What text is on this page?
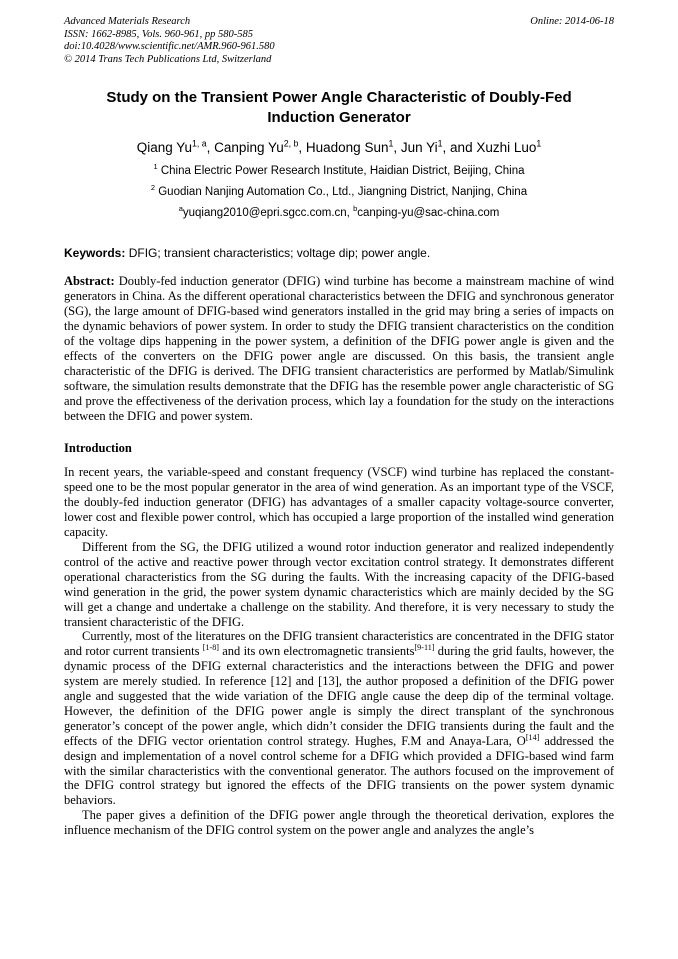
Advanced Materials Research
ISSN: 1662-8985, Vols. 960-961, pp 580-585
doi:10.4028/www.scientific.net/AMR.960-961.580
© 2014 Trans Tech Publications Ltd, Switzerland
Online: 2014-06-18
Study on the Transient Power Angle Characteristic of Doubly-Fed Induction Generator
Qiang Yu$^{1, a}$, Canping Yu$^{2, b}$, Huadong Sun$^1$, Jun Yi$^1$, and Xuzhi Luo$^1$
$^1$ China Electric Power Research Institute, Haidian District, Beijing, China
$^2$ Guodian Nanjing Automation Co., Ltd., Jiangning District, Nanjing, China
$^a$yuqiang2010@epri.sgcc.com.cn, $^b$canping-yu@sac-china.com
Keywords: DFIG; transient characteristics; voltage dip; power angle.
Abstract: Doubly-fed induction generator (DFIG) wind turbine has become a mainstream machine of wind generators in China. As the different operational characteristics between the DFIG and synchronous generator (SG), the large amount of DFIG-based wind generators installed in the grid may bring a series of impacts on the dynamic behaviors of power system. In order to study the DFIG transient characteristics on the condition of the voltage dips happening in the power system, a definition of the DFIG power angle is given and the effects of the converters on the DFIG power angle are discussed. On this basis, the transient angle characteristic of the DFIG is derived. The DFIG transient characteristics are performed by Matlab/Simulink software, the simulation results demonstrate that the DFIG has the resemble power angle characteristic of SG and prove the effectiveness of the derivation process, which lay a foundation for the study on the interactions between the DFIG and power system.
Introduction

In recent years, the variable-speed and constant frequency (VSCF) wind turbine has replaced the constant-speed one to be the most popular generator in the area of wind generation. As an important type of the VSCF, the doubly-fed induction generator (DFIG) has advantages of a smaller capacity voltage-source converter, lower cost and flexible power control, which has occupied a large proportion of the installed wind generation capacity.

Different from the SG, the DFIG utilized a wound rotor induction generator and realized independently control of the active and reactive power through vector excitation control strategy. It demonstrates different operational characteristics from the SG during the faults. With the increasing capacity of the DFIG-based wind generation in the grid, the power system dynamic characteristics which are mainly decided by the SG will get a change and undertake a challenge on the stability. And therefore, it is very necessary to study the transient characteristic of the DFIG.

Currently, most of the literatures on the DFIG transient characteristics are concentrated in the DFIG stator and rotor current transients [1-8] and its own electromagnetic transients[9-11] during the grid faults, however, the dynamic process of the DFIG external characteristics and the interactions between the DFIG and power system are merely studied. In reference [12] and [13], the author proposed a definition of the DFIG power angle and suggested that the wide variation of the DFIG angle cause the deep dip of the terminal voltage. However, the definition of the DFIG power angle is simply the direct transplant of the synchronous generator’s concept of the power angle, which didn’t consider the DFIG transients during the fault and the effects of the DFIG vector orientation control strategy. Hughes, F.M and Anaya-Lara, O[14] addressed the design and implementation of a novel control scheme for a DFIG which provided a DFIG-based wind farm with the similar characteristics with the conventional generator. The authors focused on the improvement of the DFIG control strategy but ignored the effects of the DFIG transients on the power system dynamic behaviors.

The paper gives a definition of the DFIG power angle through the theoretical derivation, explores the influence mechanism of the DFIG control system on the power angle and analyzes the angle’s
